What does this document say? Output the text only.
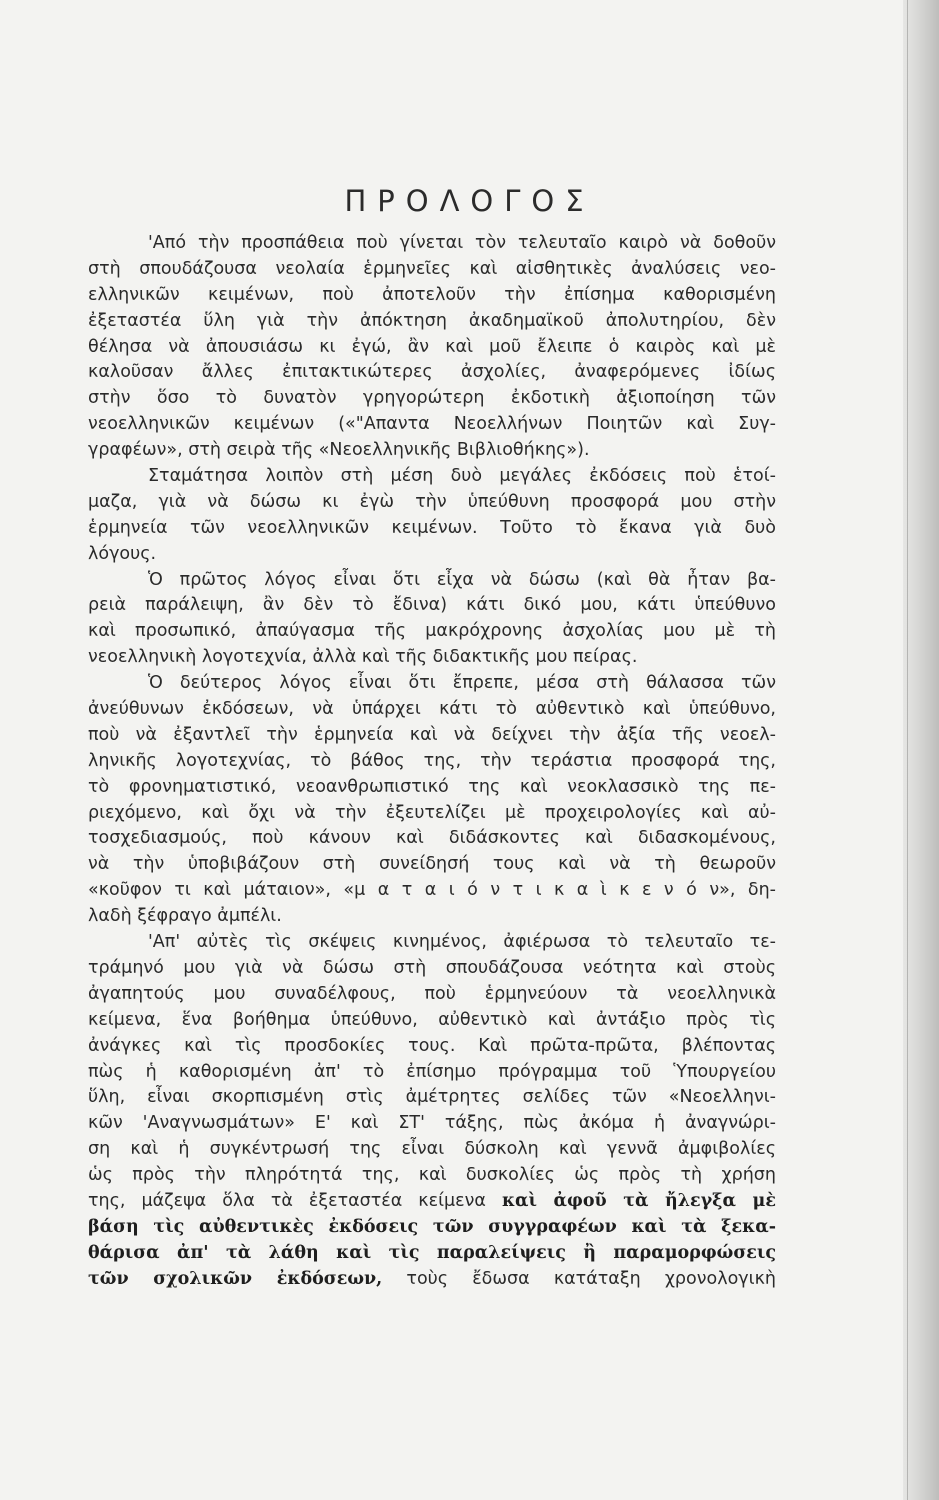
ΠΡΟΛΟΓΟΣ
'Από τὴν προσπάθεια ποὺ γίνεται τὸν τελευταῖο καιρὸ νὰ δοθοῦν
στὴ σπουδάζουσα νεολαία ἑρμηνεῖες καὶ αἰσθητικὲς ἀναλύσεις νεο-
ελληνικῶν κειμένων, ποὺ ἀποτελοῦν τὴν ἐπίσημα καθορισμένη
ἐξεταστέα ὕλη γιὰ τὴν ἀπόκτηση ἀκαδημαϊκοῦ ἀπολυτηρίου, δὲν
θέλησα νὰ ἀπουσιάσω κι ἐγώ, ἂν καὶ μοῦ ἔλειπε ὁ καιρὸς καὶ μὲ
καλοῦσαν ἄλλες ἐπιτακτικώτερες ἀσχολίες, ἀναφερόμενες ἰδίως
στὴν ὅσο τὸ δυνατὸν γρηγορώτερη ἐκδοτικὴ ἀξιοποίηση τῶν
νεοελληνικῶν κειμένων («"Απαντα Νεοελλήνων Ποιητῶν καὶ Συγ-
γραφέων», στὴ σειρὰ τῆς «Νεοελληνικῆς Βιβλιοθήκης»).
Σταμάτησα λοιπὸν στὴ μέση δυὸ μεγάλες ἐκδόσεις ποὺ ἑτοί-
μαζα, γιὰ νὰ δώσω κι ἐγὼ τὴν ὑπεύθυνη προσφορά μου στὴν
ἑρμηνεία τῶν νεοελληνικῶν κειμένων. Τοῦτο τὸ ἔκανα γιὰ δυὸ
λόγους.
Ὁ πρῶτος λόγος εἶναι ὅτι εἶχα νὰ δώσω (καὶ θὰ ἦταν βα-
ρειὰ παράλειψη, ἂν δὲν τὸ ἔδινα) κάτι δικό μου, κάτι ὑπεύθυνο
καὶ προσωπικό, ἀπαύγασμα τῆς μακρόχρονης ἀσχολίας μου μὲ τὴ
νεοελληνικὴ λογοτεχνία, ἀλλὰ καὶ τῆς διδακτικῆς μου πείρας.
Ὁ δεύτερος λόγος εἶναι ὅτι ἔπρεπε, μέσα στὴ θάλασσα τῶν
ἀνεύθυνων ἐκδόσεων, νὰ ὑπάρχει κάτι τὸ αὐθεντικὸ καὶ ὑπεύθυνο,
ποὺ νὰ ἐξαντλεῖ τὴν ἑρμηνεία καὶ νὰ δείχνει τὴν ἀξία τῆς νεοελ-
ληνικῆς λογοτεχνίας, τὸ βάθος της, τὴν τεράστια προσφορά της,
τὸ φρονηματιστικό, νεοανθρωπιστικό της καὶ νεοκλασσικὸ της πε-
ριεχόμενο, καὶ ὄχι νὰ τὴν ἐξευτελίζει μὲ προχειρολογίες καὶ αὐ-
τοσχεδιασμούς, ποὺ κάνουν καὶ διδάσκοντες καὶ διδασκομένους,
νὰ τὴν ὑποβιβάζουν στὴ συνείδησή τους καὶ νὰ τὴ θεωροῦν
«κοῦφον τι καὶ μάταιον», «μ α τ α ι ό ν τ ι κ α ὶ κ ε ν ό ν», δη-
λαδὴ ξέφραγο ἀμπέλι.
'Απ' αὐτὲς τὶς σκέψεις κινημένος, ἀφιέρωσα τὸ τελευταῖο τε-
τράμηνό μου γιὰ νὰ δώσω στὴ σπουδάζουσα νεότητα καὶ στοὺς
ἀγαπητούς μου συναδέλφους, ποὺ ἑρμηνεύουν τὰ νεοελληνικὰ
κείμενα, ἕνα βοήθημα ὑπεύθυνο, αὐθεντικὸ καὶ ἀντάξιο πρὸς τὶς
ἀνάγκες καὶ τὶς προσδοκίες τους. Καὶ πρῶτα-πρῶτα, βλέποντας
πὼς ἡ καθορισμένη ἀπ' τὸ ἐπίσημο πρόγραμμα τοῦ Ὑπουργείου
ὕλη, εἶναι σκορπισμένη στὶς ἀμέτρητες σελίδες τῶν «Νεοελληνι-
κῶν 'Αναγνωσμάτων» Ε' καὶ ΣΤ' τάξης, πὼς ἀκόμα ἡ ἀναγνώρι-
ση καὶ ἡ συγκέντρωσή της εἶναι δύσκολη καὶ γεννᾶ ἀμφιβολίες
ὡς πρὸς τὴν πληρότητά της, καὶ δυσκολίες ὡς πρὸς τὴ χρήση
της, μάζεψα ὅλα τὰ ἐξεταστέα κείμενα καὶ ἀφοῦ τὰ ἤλεγξα μὲ
βάση τὶς αὐθεντικὲς ἐκδόσεις τῶν συγγραφέων καὶ τὰ ξεκα-
θάρισα ἀπ' τὰ λάθη καὶ τὶς παραλείψεις ἢ παραμορφώσεις
τῶν σχολικῶν ἐκδόσεων, τοὺς ἔδωσα κατάταξη χρονολογικὴ
